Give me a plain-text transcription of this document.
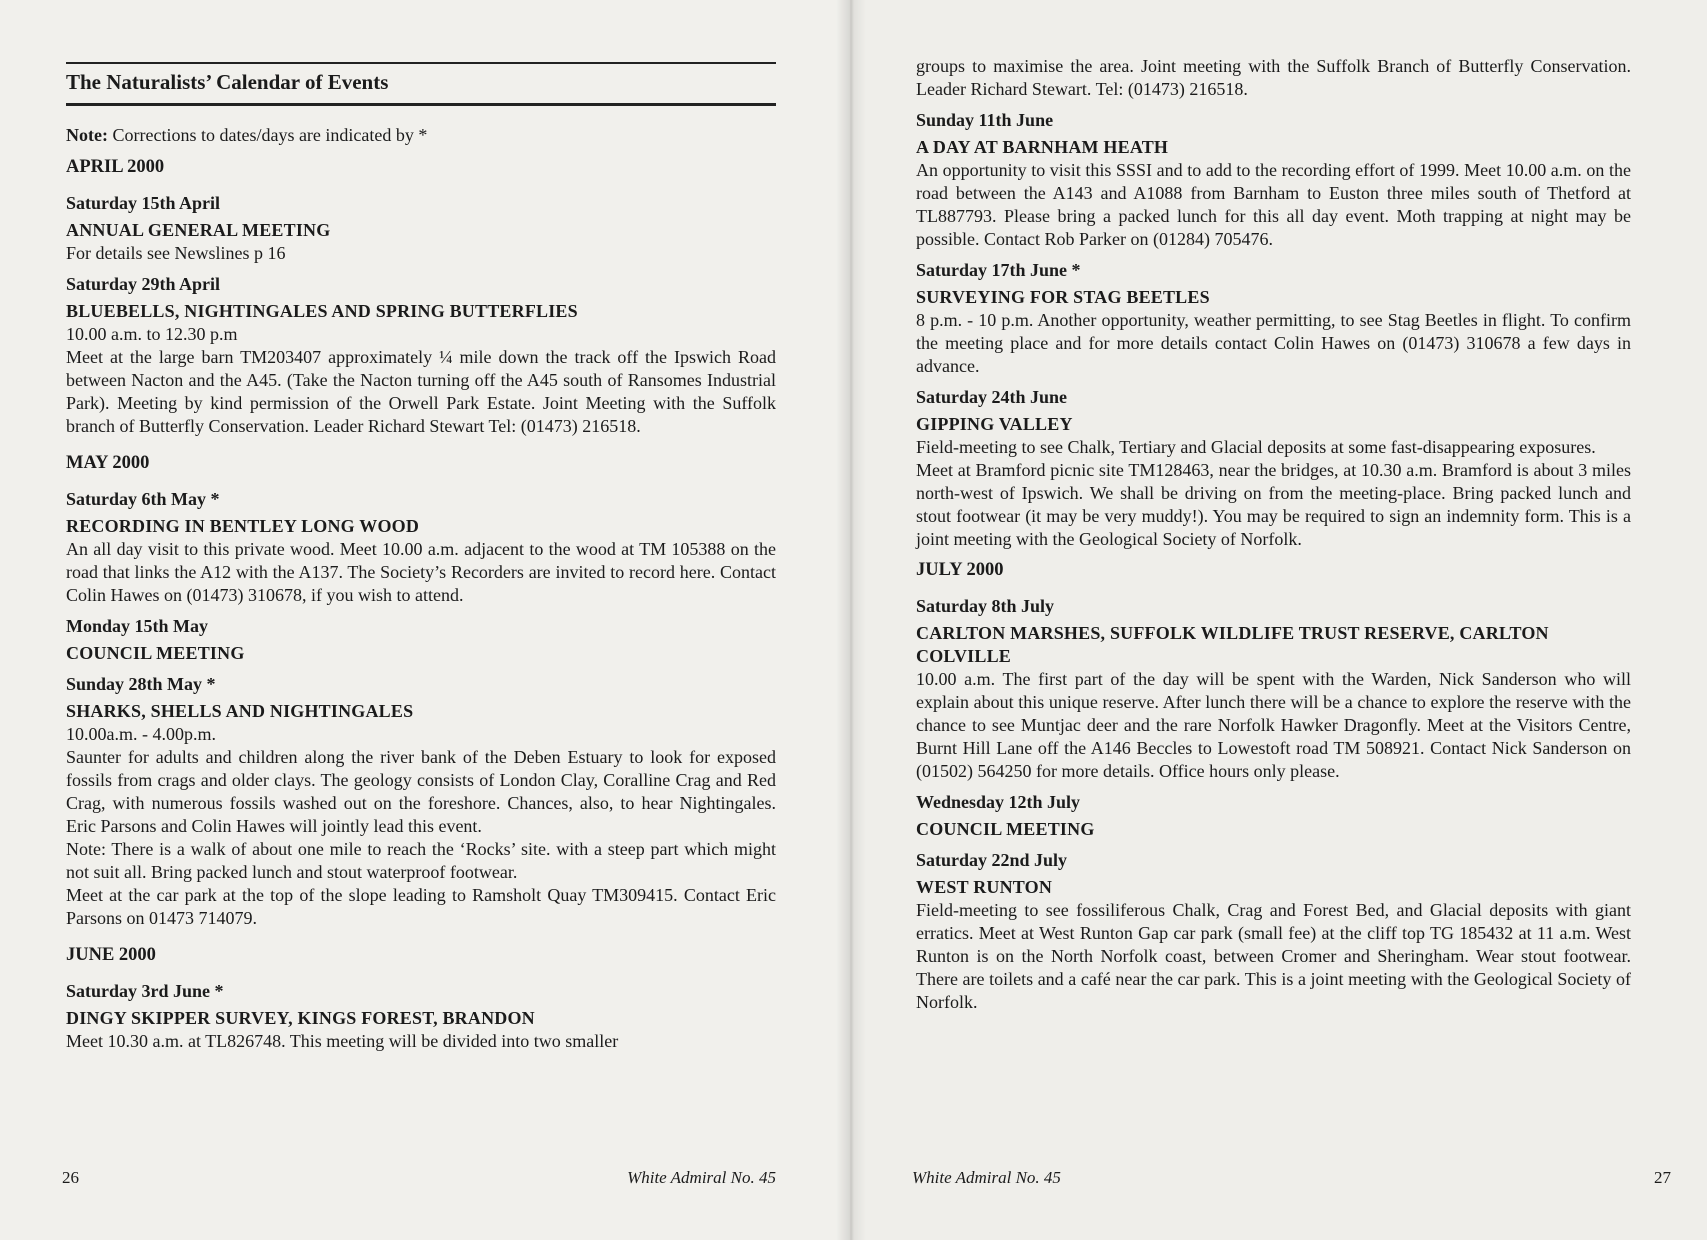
The Naturalists’ Calendar of Events

Note: Corrections to dates/days are indicated by *

APRIL 2000
Saturday 15th April
ANNUAL GENERAL MEETING

For details see Newslines p 16

Saturday 29th April
BLUEBELLS, NIGHTINGALES AND SPRING BUTTERFLIES

10.00 a.m. to 12.30 p.m

Meet at the large barn TM203407 approximately ¼ mile down the track off the Ipswich Road between Nacton and the A45. (Take the Nacton turning off the A45 south of Ransomes Industrial Park). Meeting by kind permission of the Orwell Park Estate. Joint Meeting with the Suffolk branch of Butterfly Conservation. Leader Richard Stewart Tel: (01473) 216518.

MAY 2000
Saturday 6th May *
RECORDING IN BENTLEY LONG WOOD

An all day visit to this private wood. Meet 10.00 a.m. adjacent to the wood at TM 105388 on the road that links the A12 with the A137. The Society’s Recorders are invited to record here. Contact Colin Hawes on (01473) 310678, if you wish to attend.

Monday 15th May
COUNCIL MEETING
Sunday 28th May *
SHARKS, SHELLS AND NIGHTINGALES

10.00a.m. - 4.00p.m.

Saunter for adults and children along the river bank of the Deben Estuary to look for exposed fossils from crags and older clays. The geology consists of London Clay, Coralline Crag and Red Crag, with numerous fossils washed out on the foreshore. Chances, also, to hear Nightingales. Eric Parsons and Colin Hawes will jointly lead this event.

Note: There is a walk of about one mile to reach the ‘Rocks’ site. with a steep part which might not suit all. Bring packed lunch and stout waterproof footwear.

Meet at the car park at the top of the slope leading to Ramsholt Quay TM309415. Contact Eric Parsons on 01473 714079.

JUNE 2000
Saturday 3rd June *
DINGY SKIPPER SURVEY, KINGS FOREST, BRANDON

Meet 10.30 a.m. at TL826748. This meeting will be divided into two smaller

26	White Admiral No. 45

groups to maximise the area. Joint meeting with the Suffolk Branch of Butterfly Conservation. Leader Richard Stewart. Tel: (01473) 216518.

Sunday 11th June
A DAY AT BARNHAM HEATH

An opportunity to visit this SSSI and to add to the recording effort of 1999. Meet 10.00 a.m. on the road between the A143 and A1088 from Barnham to Euston three miles south of Thetford at TL887793. Please bring a packed lunch for this all day event. Moth trapping at night may be possible. Contact Rob Parker on (01284) 705476.

Saturday 17th June *
SURVEYING FOR STAG BEETLES

8 p.m. - 10 p.m. Another opportunity, weather permitting, to see Stag Beetles in flight. To confirm the meeting place and for more details contact Colin Hawes on (01473) 310678 a few days in advance.

Saturday 24th June
GIPPING VALLEY

Field-meeting to see Chalk, Tertiary and Glacial deposits at some fast-disappearing exposures.

Meet at Bramford picnic site TM128463, near the bridges, at 10.30 a.m. Bramford is about 3 miles north-west of Ipswich. We shall be driving on from the meeting-place. Bring packed lunch and stout footwear (it may be very muddy!). You may be required to sign an indemnity form. This is a joint meeting with the Geological Society of Norfolk.

JULY 2000
Saturday 8th July
CARLTON MARSHES, SUFFOLK WILDLIFE TRUST RESERVE, CARLTON COLVILLE

10.00 a.m. The first part of the day will be spent with the Warden, Nick Sanderson who will explain about this unique reserve. After lunch there will be a chance to explore the reserve with the chance to see Muntjac deer and the rare Norfolk Hawker Dragonfly. Meet at the Visitors Centre, Burnt Hill Lane off the A146 Beccles to Lowestoft road TM 508921. Contact Nick Sanderson on (01502) 564250 for more details. Office hours only please.

Wednesday 12th July
COUNCIL MEETING
Saturday 22nd July
WEST RUNTON

Field-meeting to see fossiliferous Chalk, Crag and Forest Bed, and Glacial deposits with giant erratics. Meet at West Runton Gap car park (small fee) at the cliff top TG 185432 at 11 a.m. West Runton is on the North Norfolk coast, between Cromer and Sheringham. Wear stout footwear. There are toilets and a café near the car park. This is a joint meeting with the Geological Society of Norfolk.

White Admiral No. 45	27
